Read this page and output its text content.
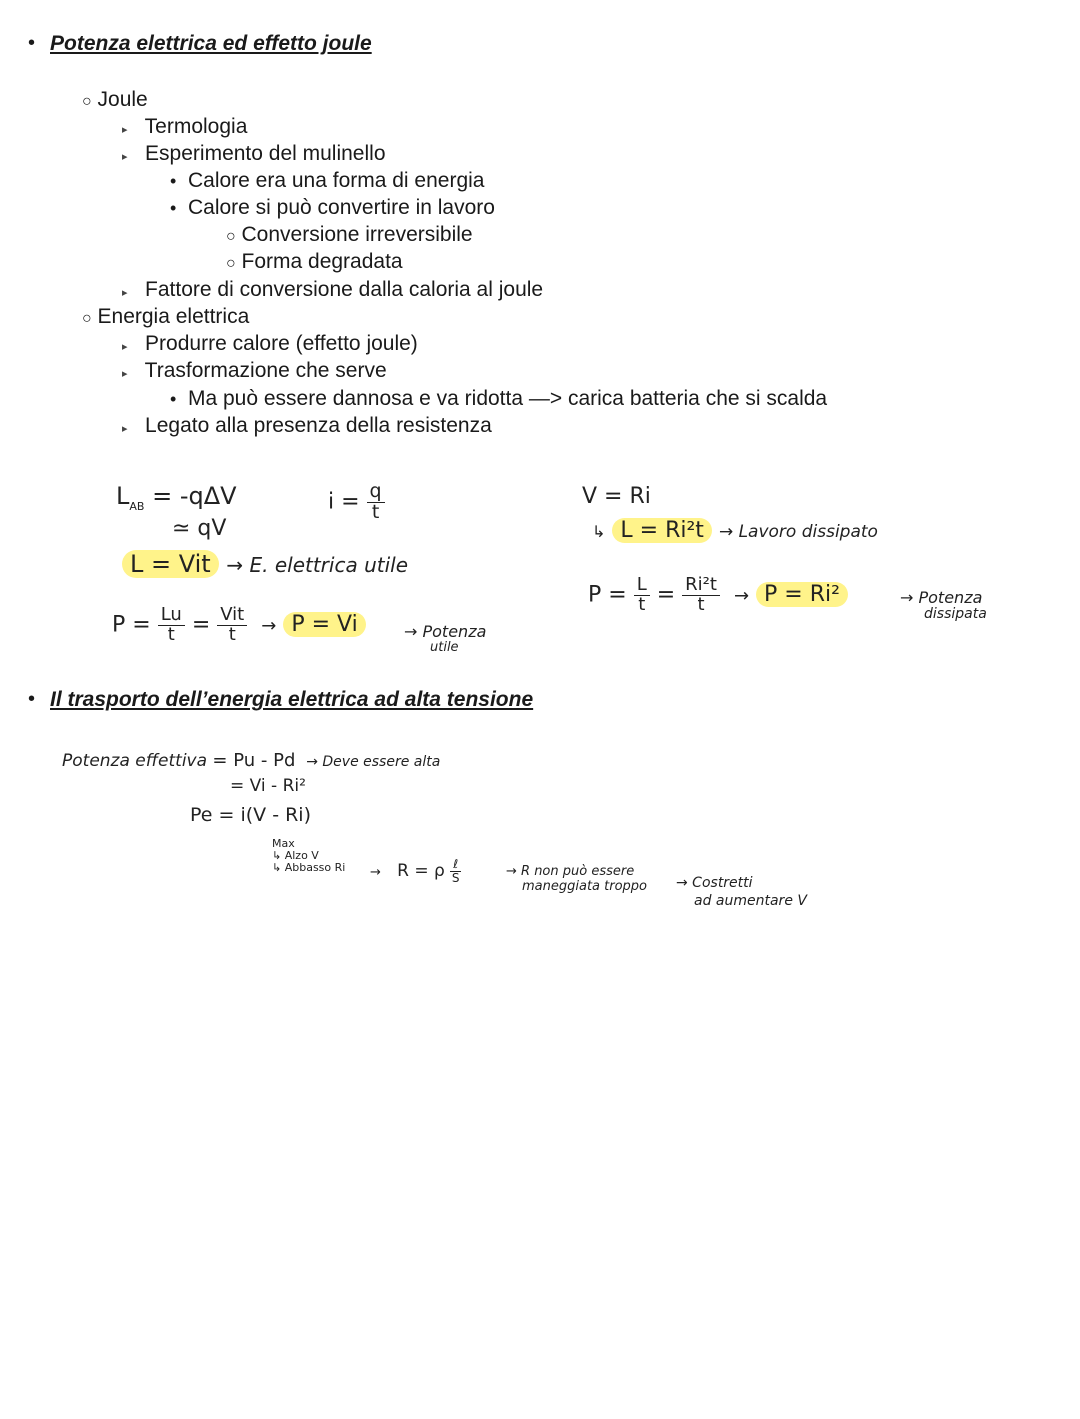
• Potenza elettrica ed effetto joule
○ Joule
▸ Termologia
▸ Esperimento del mulinello
• Calore era una forma di energia
• Calore si può convertire in lavoro
○ Conversione irreversibile
○ Forma degradata
▸ Fattore di conversione dalla caloria al joule
○ Energia elettrica
▸ Produrre calore (effetto joule)
▸ Trasformazione che serve
• Ma può essere dannosa e va ridotta —> carica batteria che si scalda
▸ Legato alla presenza della resistenza
$L_{AB} = -q\Delta V$
≃ qV
$i = \frac{q}{t}$
L = Vit → E. elettrica utile
$P = \frac{Lu}{t} = \frac{\text{Vit}}{t} \to P = Vi$	→ Potenza
utile
V = Ri
↳ L = Ri²t → Lavoro dissipato
$P = \frac{L}{t} = \frac{\text{Ri²t}}{t} \to P = Ri^2$	→ Potenza
dissipata
• Il trasporto dell’energia elettrica ad alta tensione
Potenza effettiva = Pu - Pd → Deve essere alta
= Vi - Ri²
Pe = i(V - Ri)
Max
↳ Alzo V
↳ Abbasso Ri → R = ρ $\frac{\text{ℓ}}{S}$	→ R non può essere
maneggiata troppo → Costretti
ad aumentare V
